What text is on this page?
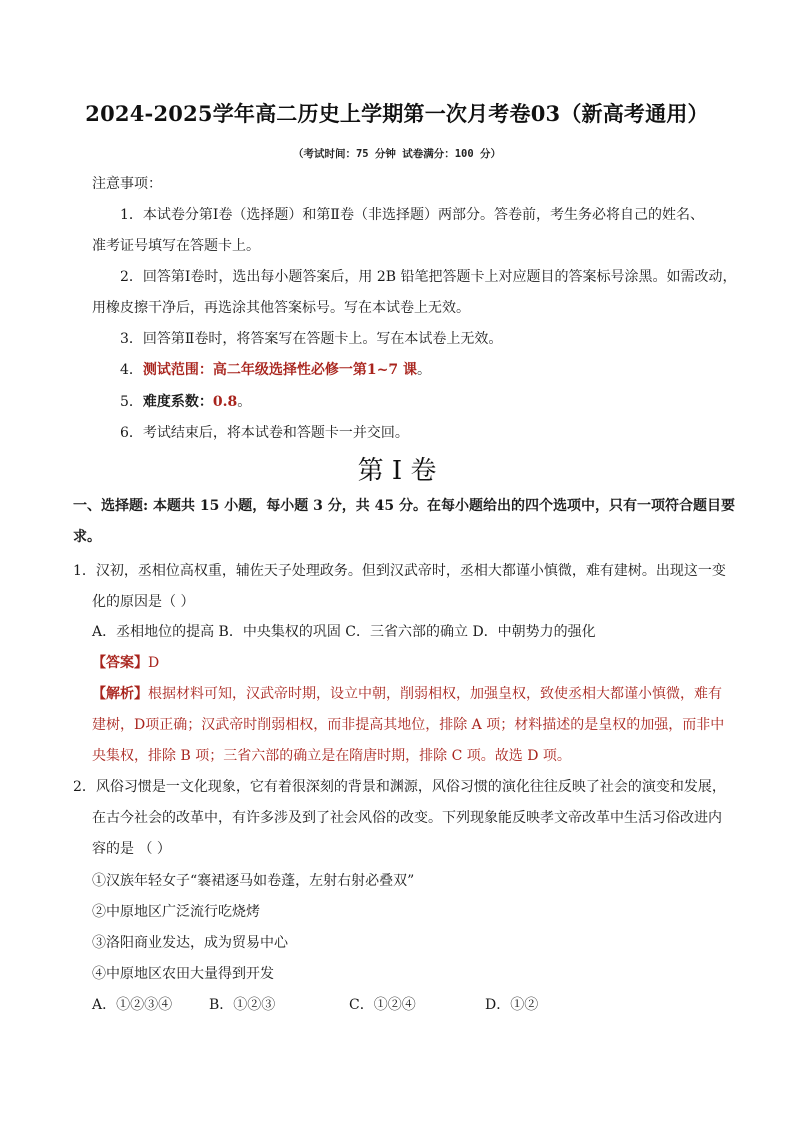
2024-2025学年高二历史上学期第一次月考卷03（新高考通用）
（考试时间：75 分钟 试卷满分：100 分）
注意事项：
1．本试卷分第Ⅰ卷（选择题）和第Ⅱ卷（非选择题）两部分。答卷前，考生务必将自己的姓名、
准考证号填写在答题卡上。
2．回答第Ⅰ卷时，选出每小题答案后，用 2B 铅笔把答题卡上对应题目的答案标号涂黑。如需改动，
用橡皮擦干净后，再选涂其他答案标号。写在本试卷上无效。
3．回答第Ⅱ卷时，将答案写在答题卡上。写在本试卷上无效。
4．测试范围：高二年级选择性必修一第1~7 课。
5．难度系数：0.8。
6．考试结束后，将本试卷和答题卡一并交回。
第 I 卷
一、选择题: 本题共 15 小题，每小题 3 分，共 45 分。在每小题给出的四个选项中，只有一项符合题目要
求。
1．汉初，丞相位高权重，辅佐天子处理政务。但到汉武帝时，丞相大都谨小慎微，难有建树。出现这一变
化的原因是（ ）
A．丞相地位的提高 B．中央集权的巩固 C．三省六部的确立 D．中朝势力的强化
【答案】D
【解析】根据材料可知，汉武帝时期，设立中朝，削弱相权，加强皇权，致使丞相大都谨小慎微，难有
建树，D项正确；汉武帝时削弱相权，而非提高其地位，排除 A 项；材料描述的是皇权的加强，而非中
央集权，排除 B 项；三省六部的确立是在隋唐时期，排除 C 项。故选 D 项。
2．风俗习惯是一文化现象，它有着很深刻的背景和渊源，风俗习惯的演化往往反映了社会的演变和发展，
在古今社会的改革中，有许多涉及到了社会风俗的改变。下列现象能反映孝文帝改革中生活习俗改进内
容的是 （ ）
①汉族年轻女子“褰裙逐马如卷蓬，左射右射必叠双”
②中原地区广泛流行吃烧烤
③洛阳商业发达，成为贸易中心
④中原地区农田大量得到开发
A．①②③④	B．①②③	C．①②④	D．①②
